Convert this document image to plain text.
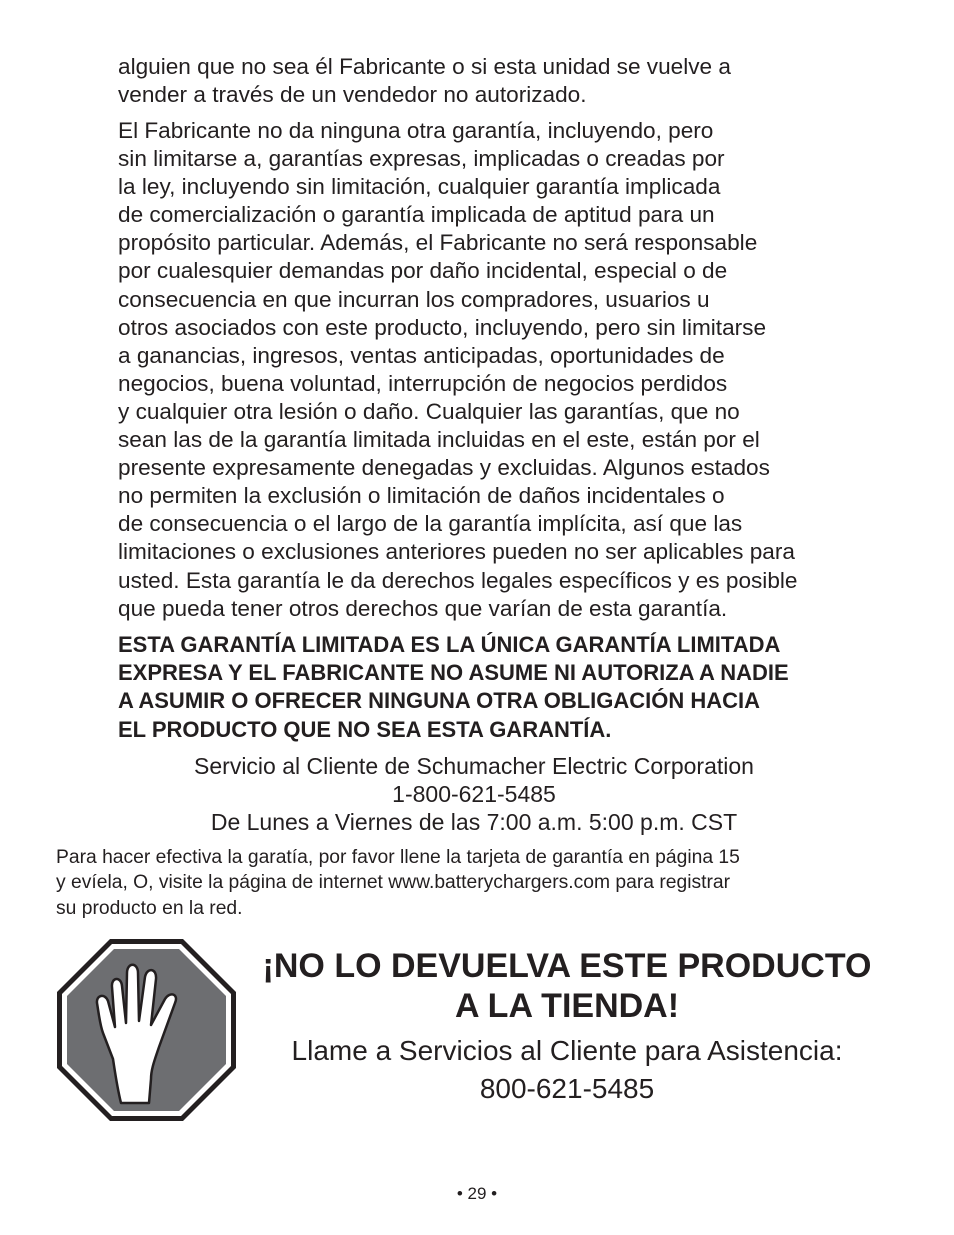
alguien que no sea él Fabricante o si esta unidad se vuelve a
vender a través de un vendedor no autorizado.

El Fabricante no da ninguna otra garantía, incluyendo, pero
sin limitarse a, garantías expresas, implicadas o creadas por
la ley, incluyendo sin limitación, cualquier garantía implicada
de comercialización o garantía implicada de aptitud para un
propósito particular. Además, el Fabricante no será responsable
por cualesquier demandas por daño incidental, especial o de
consecuencia en que incurran los compradores, usuarios u
otros asociados con este producto, incluyendo, pero sin limitarse
a ganancias, ingresos, ventas anticipadas, oportunidades de
negocios, buena voluntad, interrupción de negocios perdidos
y cualquier otra lesión o daño. Cualquier las garantías, que no
sean las de la garantía limitada incluidas en el este, están por el
presente expresamente denegadas y excluidas. Algunos estados
no permiten la exclusión o limitación de daños incidentales o
de consecuencia o el largo de la garantía implícita, así que las
limitaciones o exclusiones anteriores pueden no ser aplicables para
usted. Esta garantía le da derechos legales específicos y es posible
que pueda tener otros derechos que varían de esta garantía.

ESTA GARANTÍA LIMITADA ES LA ÚNICA GARANTÍA LIMITADA
EXPRESA Y EL FABRICANTE NO ASUME NI AUTORIZA A NADIE
A ASUMIR O OFRECER NINGUNA OTRA OBLIGACIÓN HACIA
EL PRODUCTO QUE NO SEA ESTA GARANTÍA.

Servicio al Cliente de Schumacher Electric Corporation
1-800-621-5485
De Lunes a Viernes de las 7:00 a.m. 5:00 p.m. CST

Para hacer efectiva la garatía, por favor llene la tarjeta de garantía en página 15
y evíela, O, visite la página de internet www.batterychargers.com para registrar
su producto en la red.

¡NO LO DEVUELVA ESTE PRODUCTO
A LA TIENDA!

Llame a Servicios al Cliente para Asistencia:
800-621-5485
• 29 •
